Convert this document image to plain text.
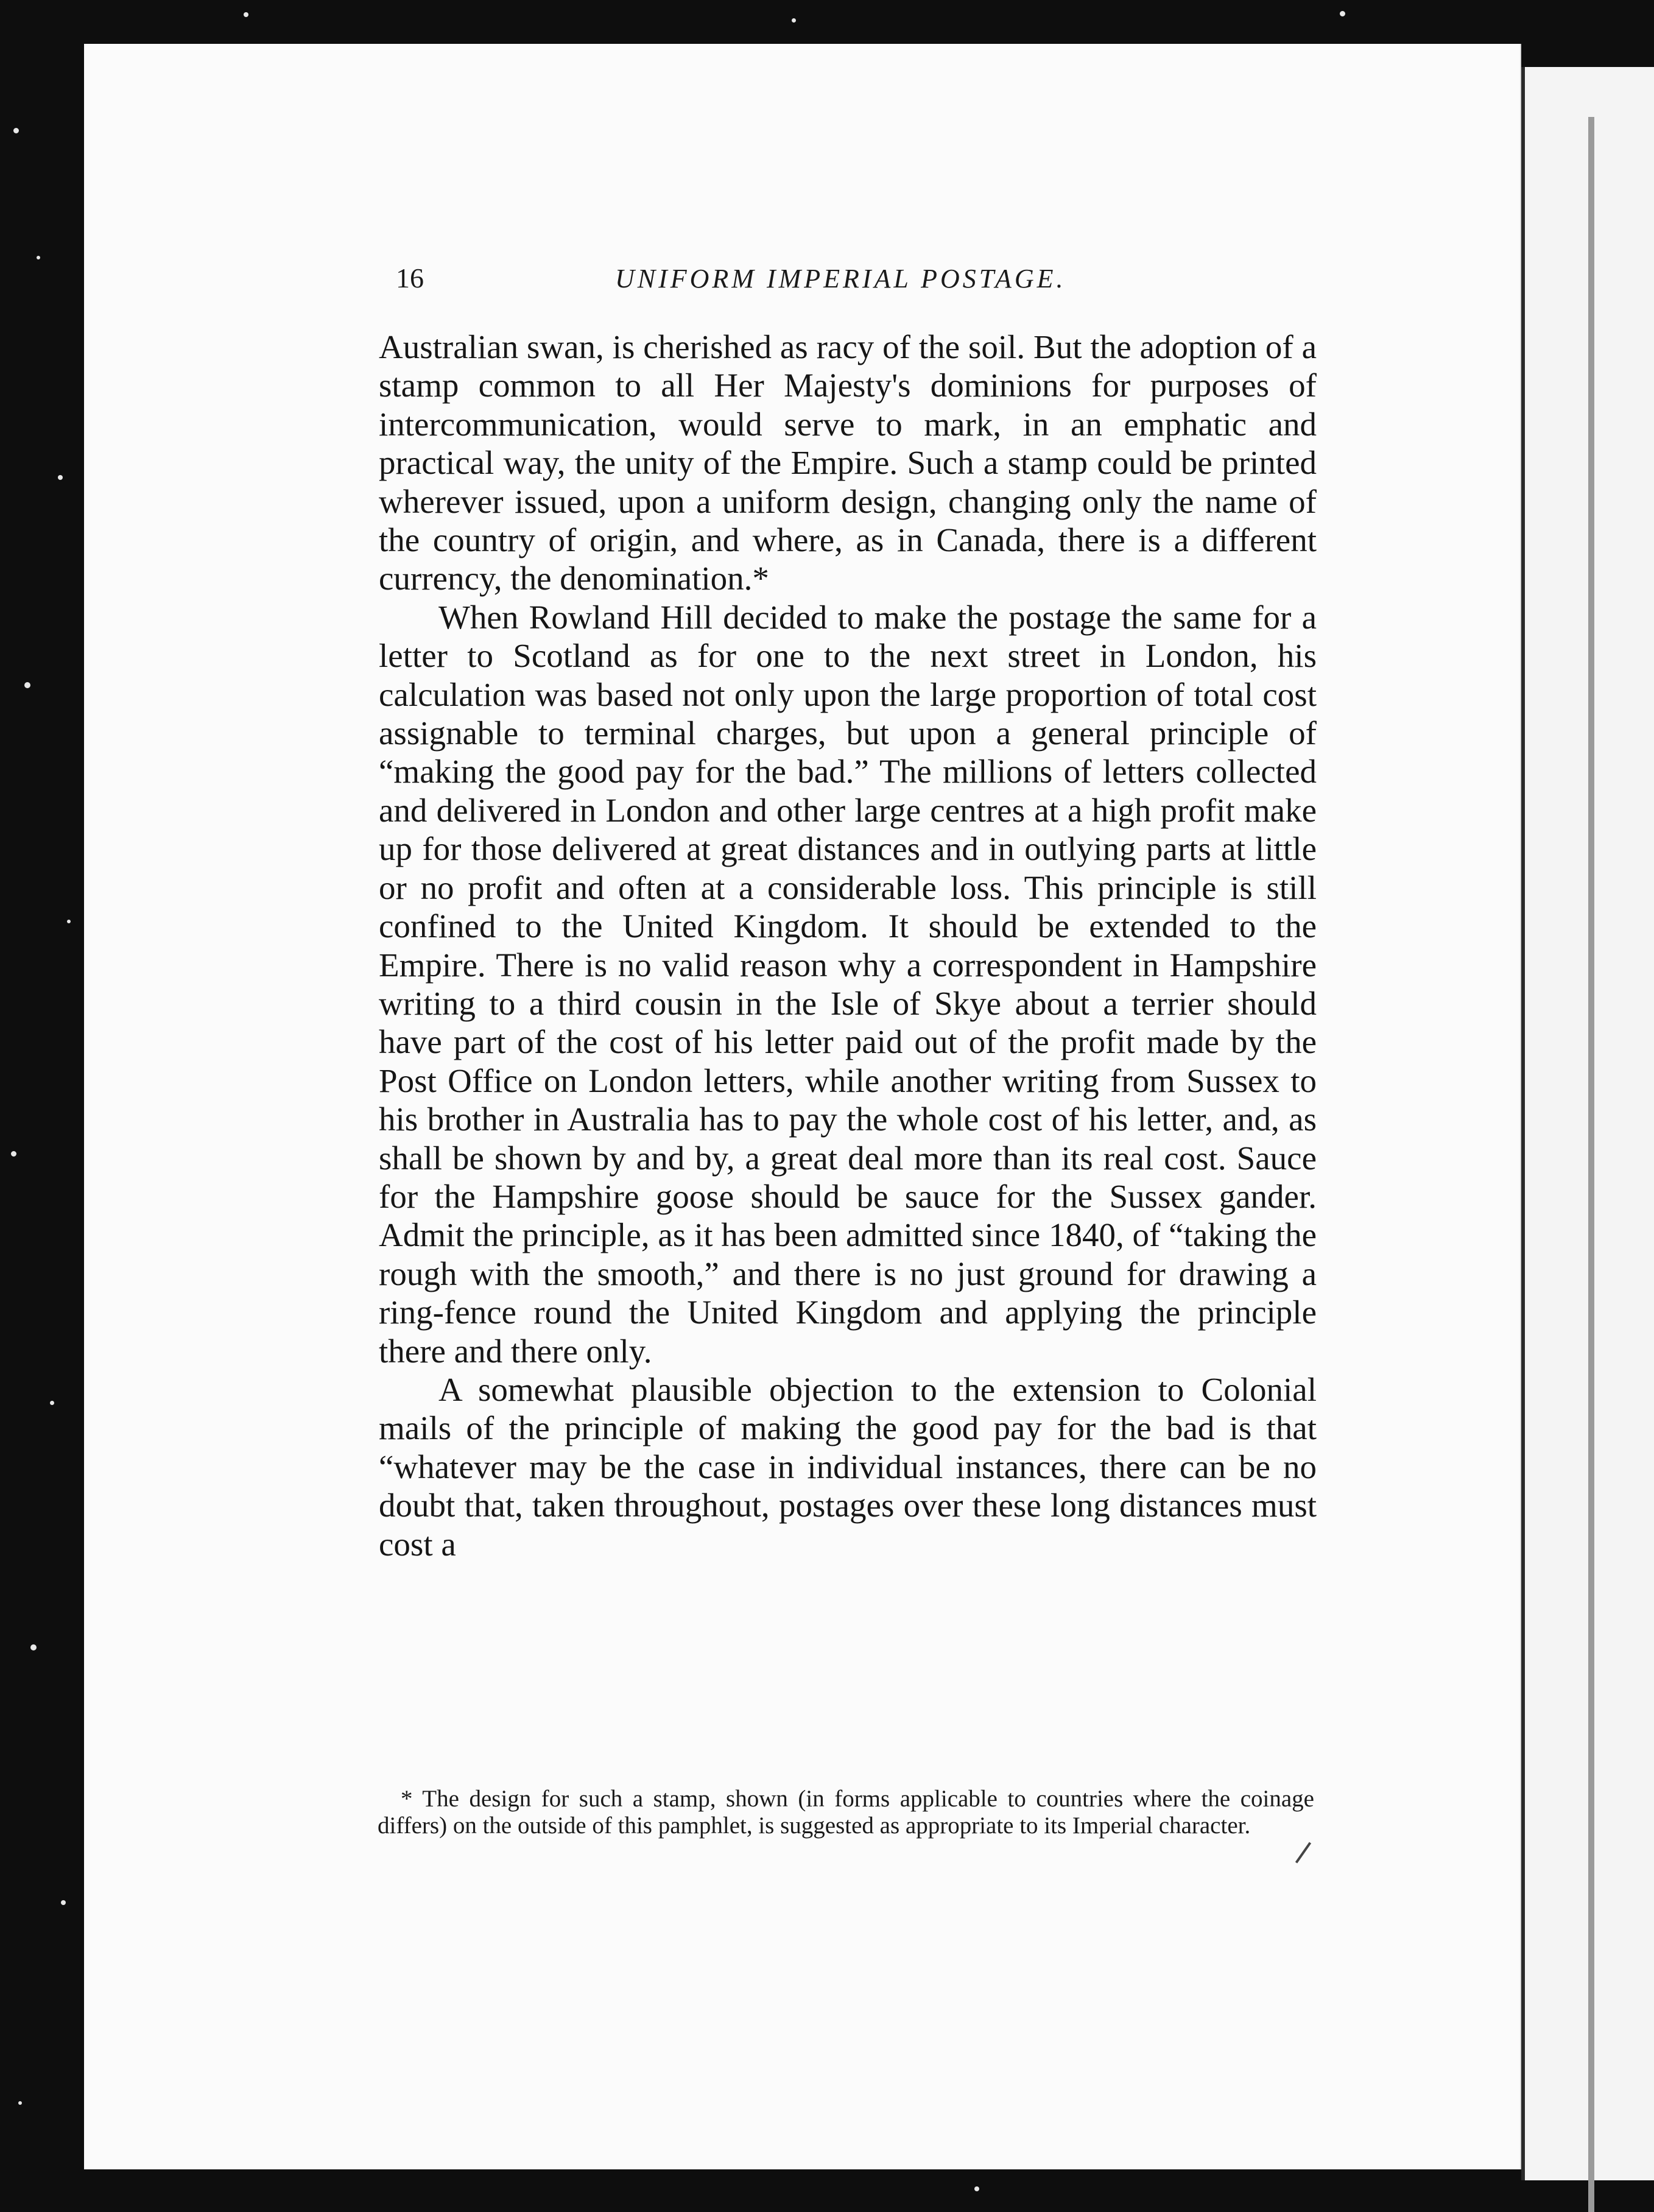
16	UNIFORM IMPERIAL POSTAGE.

Australian swan, is cherished as racy of the soil. But the adoption of a stamp common to all Her Majesty's dominions for purposes of intercommunication, would serve to mark, in an emphatic and practical way, the unity of the Empire. Such a stamp could be printed wherever issued, upon a uniform design, changing only the name of the country of origin, and where, as in Canada, there is a different currency, the denomination.*

When Rowland Hill decided to make the postage the same for a letter to Scotland as for one to the next street in London, his calculation was based not only upon the large proportion of total cost assignable to terminal charges, but upon a general principle of “making the good pay for the bad.” The millions of letters collected and delivered in London and other large centres at a high profit make up for those delivered at great distances and in outlying parts at little or no profit and often at a considerable loss. This principle is still confined to the United Kingdom. It should be extended to the Empire. There is no valid reason why a correspondent in Hampshire writing to a third cousin in the Isle of Skye about a terrier should have part of the cost of his letter paid out of the profit made by the Post Office on London letters, while another writing from Sussex to his brother in Australia has to pay the whole cost of his letter, and, as shall be shown by and by, a great deal more than its real cost. Sauce for the Hampshire goose should be sauce for the Sussex gander. Admit the principle, as it has been admitted since 1840, of “taking the rough with the smooth,” and there is no just ground for drawing a ring-fence round the United Kingdom and applying the principle there and there only.

A somewhat plausible objection to the extension to Colonial mails of the principle of making the good pay for the bad is that “whatever may be the case in individual instances, there can be no doubt that, taken throughout, postages over these long distances must cost a

* The design for such a stamp, shown (in forms applicable to countries where the coinage differs) on the outside of this pamphlet, is suggested as appropriate to its Imperial character.
